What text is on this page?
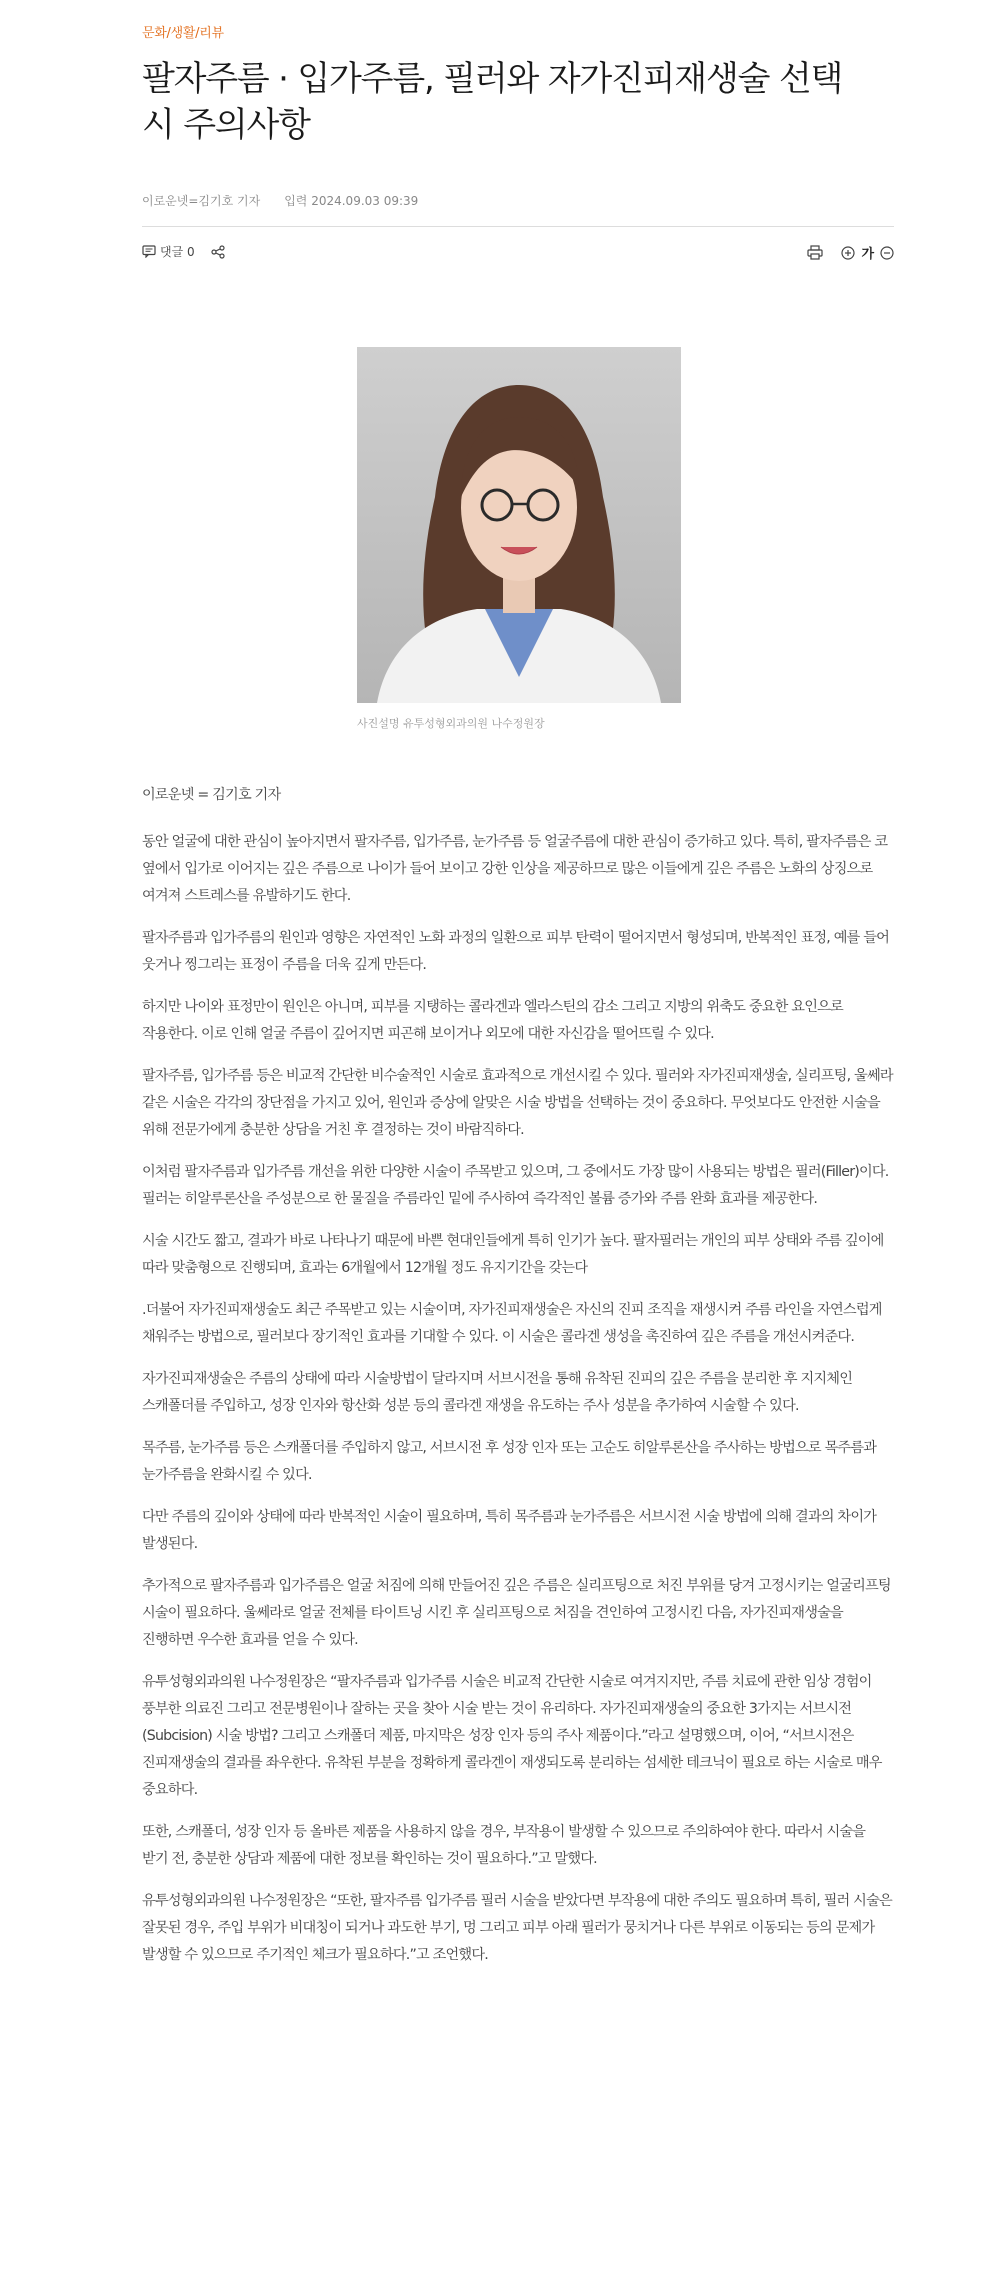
문화/생활/리뷰
팔자주름 · 입가주름, 필러와 자가진피재생술 선택 시 주의사항
이로운넷=김기호 기자 입력 2024.09.03 09:39
댓글 0	가
사진설명 유투성형외과의원 나수정원장

이로운넷 = 김기호 기자

동안 얼굴에 대한 관심이 높아지면서 팔자주름, 입가주름, 눈가주름 등 얼굴주름에 대한 관심이 증가하고 있다. 특히, 팔자주름은 코 옆에서 입가로 이어지는 깊은 주름으로 나이가 들어 보이고 강한 인상을 제공하므로 많은 이들에게 깊은 주름은 노화의 상징으로 여겨져 스트레스를 유발하기도 한다.

팔자주름과 입가주름의 원인과 영향은 자연적인 노화 과정의 일환으로 피부 탄력이 떨어지면서 형성되며, 반복적인 표정, 예를 들어 웃거나 찡그리는 표정이 주름을 더욱 깊게 만든다.

하지만 나이와 표정만이 원인은 아니며, 피부를 지탱하는 콜라겐과 엘라스틴의 감소 그리고 지방의 위축도 중요한 요인으로 작용한다. 이로 인해 얼굴 주름이 깊어지면 피곤해 보이거나 외모에 대한 자신감을 떨어뜨릴 수 있다.

팔자주름, 입가주름 등은 비교적 간단한 비수술적인 시술로 효과적으로 개선시킬 수 있다. 필러와 자가진피재생술, 실리프팅, 울쎄라 같은 시술은 각각의 장단점을 가지고 있어, 원인과 증상에 알맞은 시술 방법을 선택하는 것이 중요하다. 무엇보다도 안전한 시술을 위해 전문가에게 충분한 상담을 거친 후 결정하는 것이 바람직하다.

이처럼 팔자주름과 입가주름 개선을 위한 다양한 시술이 주목받고 있으며, 그 중에서도 가장 많이 사용되는 방법은 필러(Filler)이다. 필러는 히알루론산을 주성분으로 한 물질을 주름라인 밑에 주사하여 즉각적인 볼륨 증가와 주름 완화 효과를 제공한다.

시술 시간도 짧고, 결과가 바로 나타나기 때문에 바쁜 현대인들에게 특히 인기가 높다. 팔자필러는 개인의 피부 상태와 주름 깊이에 따라 맞춤형으로 진행되며, 효과는 6개월에서 12개월 정도 유지기간을 갖는다

.더불어 자가진피재생술도 최근 주목받고 있는 시술이며, 자가진피재생술은 자신의 진피 조직을 재생시켜 주름 라인을 자연스럽게 채워주는 방법으로, 필러보다 장기적인 효과를 기대할 수 있다. 이 시술은 콜라겐 생성을 촉진하여 깊은 주름을 개선시켜준다.

자가진피재생술은 주름의 상태에 따라 시술방법이 달라지며 서브시전을 통해 유착된 진피의 깊은 주름을 분리한 후 지지체인 스캐폴더를 주입하고, 성장 인자와 항산화 성분 등의 콜라겐 재생을 유도하는 주사 성분을 추가하여 시술할 수 있다.

목주름, 눈가주름 등은 스캐폴더를 주입하지 않고, 서브시전 후 성장 인자 또는 고순도 히알루론산을 주사하는 방법으로 목주름과 눈가주름을 완화시킬 수 있다.

다만 주름의 깊이와 상태에 따라 반복적인 시술이 필요하며, 특히 목주름과 눈가주름은 서브시전 시술 방법에 의해 결과의 차이가 발생된다.

추가적으로 팔자주름과 입가주름은 얼굴 처짐에 의해 만들어진 깊은 주름은 실리프팅으로 처진 부위를 당겨 고정시키는 얼굴리프팅 시술이 필요하다. 울쎄라로 얼굴 전체를 타이트닝 시킨 후 실리프팅으로 처짐을 견인하여 고정시킨 다음, 자가진피재생술을 진행하면 우수한 효과를 얻을 수 있다.

유투성형외과의원 나수정원장은 “팔자주름과 입가주름 시술은 비교적 간단한 시술로 여겨지지만, 주름 치료에 관한 임상 경험이 풍부한 의료진 그리고 전문병원이나 잘하는 곳을 찾아 시술 받는 것이 유리하다. 자가진피재생술의 중요한 3가지는 서브시전(Subcision) 시술 방법? 그리고 스캐폴더 제품, 마지막은 성장 인자 등의 주사 제품이다.”라고 설명했으며, 이어, “서브시전은 진피재생술의 결과를 좌우한다. 유착된 부분을 정확하게 콜라겐이 재생되도록 분리하는 섬세한 테크닉이 필요로 하는 시술로 매우 중요하다.

또한, 스캐폴더, 성장 인자 등 올바른 제품을 사용하지 않을 경우, 부작용이 발생할 수 있으므로 주의하여야 한다. 따라서 시술을 받기 전, 충분한 상담과 제품에 대한 정보를 확인하는 것이 필요하다.”고 말했다.

유투성형외과의원 나수정원장은 “또한, 팔자주름 입가주름 필러 시술을 받았다면 부작용에 대한 주의도 필요하며 특히, 필러 시술은 잘못된 경우, 주입 부위가 비대칭이 되거나 과도한 부기, 멍 그리고 피부 아래 필러가 뭉치거나 다른 부위로 이동되는 등의 문제가 발생할 수 있으므로 주기적인 체크가 필요하다.”고 조언했다.
